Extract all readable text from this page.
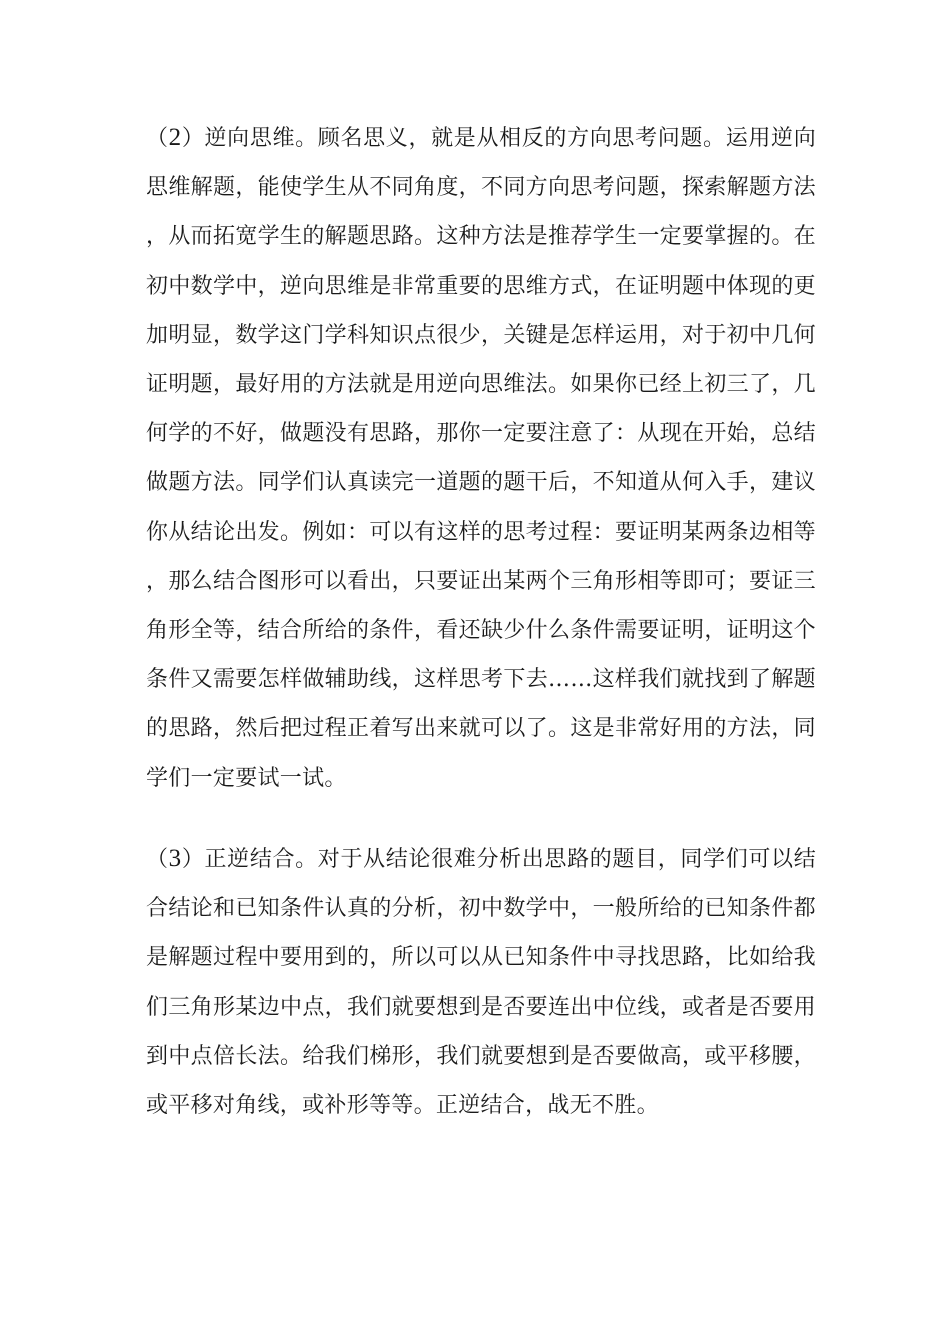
（2）逆向思维。顾名思义，就是从相反的方向思考问题。运用逆向思维解题，能使学生从不同角度，不同方向思考问题，探索解题方法，从而拓宽学生的解题思路。这种方法是推荐学生一定要掌握的。在初中数学中，逆向思维是非常重要的思维方式，在证明题中体现的更加明显，数学这门学科知识点很少，关键是怎样运用，对于初中几何证明题，最好用的方法就是用逆向思维法。如果你已经上初三了，几何学的不好，做题没有思路，那你一定要注意了：从现在开始，总结做题方法。同学们认真读完一道题的题干后，不知道从何入手，建议你从结论出发。例如：可以有这样的思考过程：要证明某两条边相等，那么结合图形可以看出，只要证出某两个三角形相等即可；要证三角形全等，结合所给的条件，看还缺少什么条件需要证明，证明这个条件又需要怎样做辅助线，这样思考下去……这样我们就找到了解题的思路，然后把过程正着写出来就可以了。这是非常好用的方法，同学们一定要试一试。

（3）正逆结合。对于从结论很难分析出思路的题目，同学们可以结合结论和已知条件认真的分析，初中数学中，一般所给的已知条件都是解题过程中要用到的，所以可以从已知条件中寻找思路，比如给我们三角形某边中点，我们就要想到是否要连出中位线，或者是否要用到中点倍长法。给我们梯形，我们就要想到是否要做高，或平移腰，或平移对角线，或补形等等。正逆结合，战无不胜。
